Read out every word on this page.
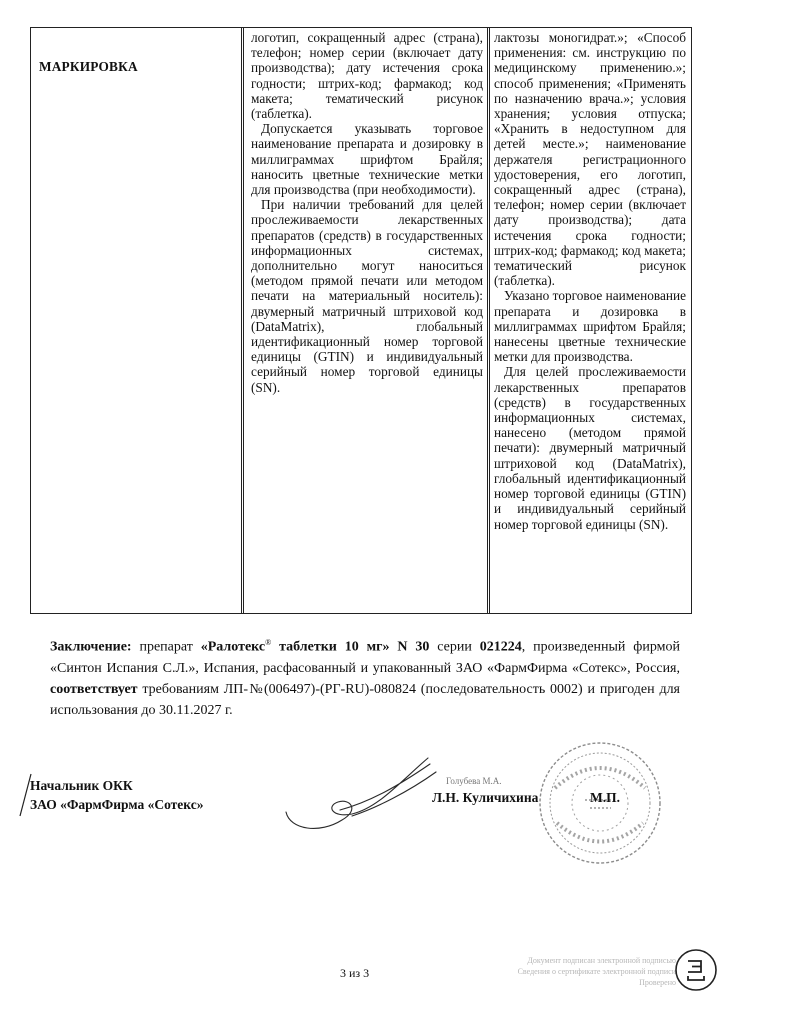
МАРКИРОВКА

логотип, сокращенный адрес (страна), телефон; номер серии (включает дату производства); дату истечения срока годности; штрих-код; фармакод; код макета; тематический рисунок (таблетка).

Допускается указывать торговое наименование препарата и дозировку в миллиграммах шрифтом Брайля; наносить цветные технические метки для производства (при необходимости).

При наличии требований для целей прослеживаемости лекарственных препаратов (средств) в государственных информационных системах, дополнительно могут наноситься (методом прямой печати или методом печати на материальный носитель): двумерный матричный штриховой код (DataMatrix), глобальный идентификационный номер торговой единицы (GTIN) и индивидуальный серийный номер торговой единицы (SN).

лактозы моногидрат.»; «Способ применения: см. инструкцию по медицинскому применению.»; способ применения; «Применять по назначению врача.»; условия хранения; условия отпуска; «Хранить в недоступном для детей месте.»; наименование держателя регистрационного удостоверения, его логотип, сокращенный адрес (страна), телефон; номер серии (включает дату производства); дата истечения срока годности; штрих-код; фармакод; код макета; тематический рисунок (таблетка).

Указано торговое наименование препарата и дозировка в миллиграммах шрифтом Брайля; нанесены цветные технические метки для производства.

Для целей прослеживаемости лекарственных препаратов (средств) в государственных информационных системах, нанесено (методом прямой печати): двумерный матричный штриховой код (DataMatrix), глобальный идентификационный номер торговой единицы (GTIN) и индивидуальный серийный номер торговой единицы (SN).

Заключение: препарат «Ралотекс® таблетки 10 мг» N 30 серии 021224, произведенный фирмой «Синтон Испания С.Л.», Испания, расфасованный и упакованный ЗАО «ФармФирма «Сотекс», Россия, соответствует требованиям ЛП-№(006497)-(РГ-RU)-080824 (последовательность 0002) и пригоден для использования до 30.11.2027 г.
Начальник ОКК
ЗАО «ФармФирма «Сотекс»
Голубева М.А.
Л.Н. Куличихина	М.П.
3 из 3
Документ подписан электронной подписью
Сведения о сертификате электронной подписи
Проверено
